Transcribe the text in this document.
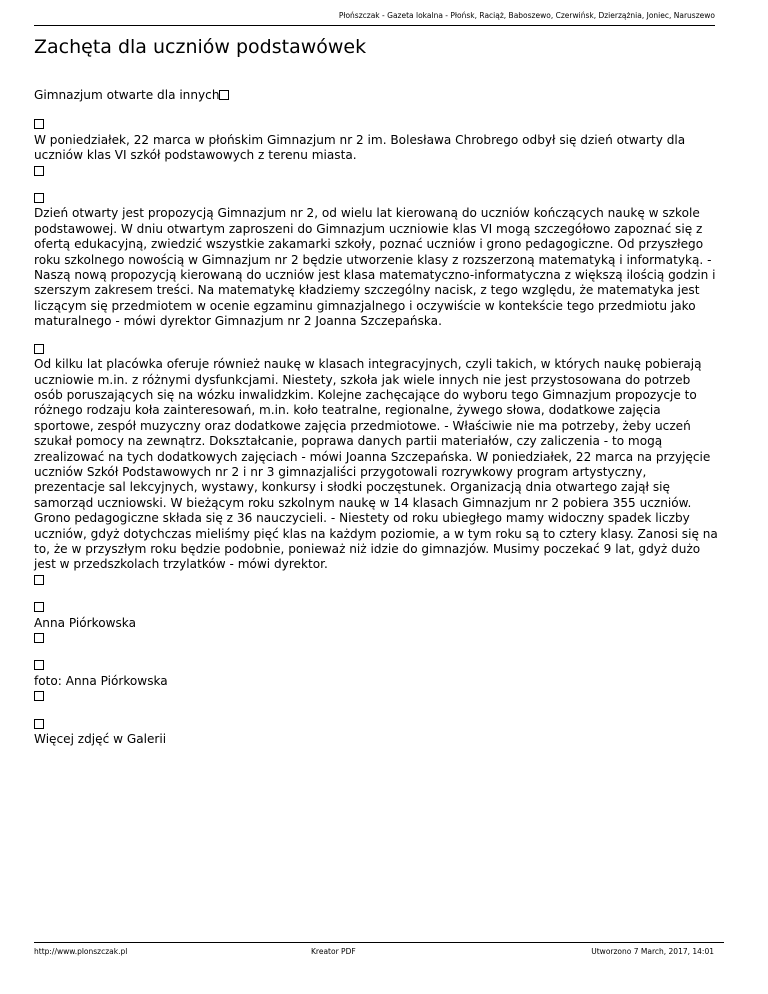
Płońszczak - Gazeta lokalna - Płońsk, Raciąż, Baboszewo, Czerwińsk, Dzierzążnia, Joniec, Naruszewo
Zachęta dla uczniów podstawówek

Gimnazjum otwarte dla innych

W poniedziałek, 22 marca w płońskim Gimnazjum nr 2 im. Bolesława Chrobrego odbył się dzień otwarty dla uczniów klas VI szkół podstawowych z terenu miasta.

Dzień otwarty jest propozycją Gimnazjum nr 2, od wielu lat kierowaną do uczniów kończących naukę w szkole podstawowej. W dniu otwartym zaproszeni do Gimnazjum uczniowie klas VI mogą szczegółowo zapoznać się z ofertą edukacyjną, zwiedzić wszystkie zakamarki szkoły, poznać uczniów i grono pedagogiczne. Od przyszłego roku szkolnego nowością w Gimnazjum nr 2 będzie utworzenie klasy z rozszerzoną matematyką i informatyką. - Naszą nową propozycją kierowaną do uczniów jest klasa matematyczno-informatyczna z większą ilością godzin i szerszym zakresem treści. Na matematykę kładziemy szczególny nacisk, z tego względu, że matematyka jest liczącym się przedmiotem w ocenie egzaminu gimnazjalnego i oczywiście w kontekście tego przedmiotu jako maturalnego - mówi dyrektor Gimnazjum nr 2 Joanna Szczepańska.

Od kilku lat placówka oferuje również naukę w klasach integracyjnych, czyli takich, w których naukę pobierają uczniowie m.in. z różnymi dysfunkcjami. Niestety, szkoła jak wiele innych nie jest przystosowana do potrzeb osób poruszających się na wózku inwalidzkim. Kolejne zachęcające do wyboru tego Gimnazjum propozycje to różnego rodzaju koła zainteresowań, m.in. koło teatralne, regionalne, żywego słowa, dodatkowe zajęcia sportowe, zespół muzyczny oraz dodatkowe zajęcia przedmiotowe. - Właściwie nie ma potrzeby, żeby uczeń szukał pomocy na zewnątrz. Dokształcanie, poprawa danych partii materiałów, czy zaliczenia - to mogą zrealizować na tych dodatkowych zajęciach - mówi Joanna Szczepańska. W poniedziałek, 22 marca na przyjęcie uczniów Szkół Podstawowych nr 2 i nr 3 gimnazjaliści przygotowali rozrywkowy program artystyczny, prezentacje sal lekcyjnych, wystawy, konkursy i słodki poczęstunek. Organizacją dnia otwartego zajął się samorząd uczniowski. W bieżącym roku szkolnym naukę w 14 klasach Gimnazjum nr 2 pobiera 355 uczniów. Grono pedagogiczne składa się z 36 nauczycieli. - Niestety od roku ubiegłego mamy widoczny spadek liczby uczniów, gdyż dotychczas mieliśmy pięć klas na każdym poziomie, a w tym roku są to cztery klasy. Zanosi się na to, że w przyszłym roku będzie podobnie, ponieważ niż idzie do gimnazjów. Musimy poczekać 9 lat, gdyż dużo jest w przedszkolach trzylatków - mówi dyrektor.

Anna Piórkowska

foto: Anna Piórkowska

Więcej zdjęć w Galerii

http://www.plonszczak.pl	Kreator PDF	Utworzono 7 March, 2017, 14:01
